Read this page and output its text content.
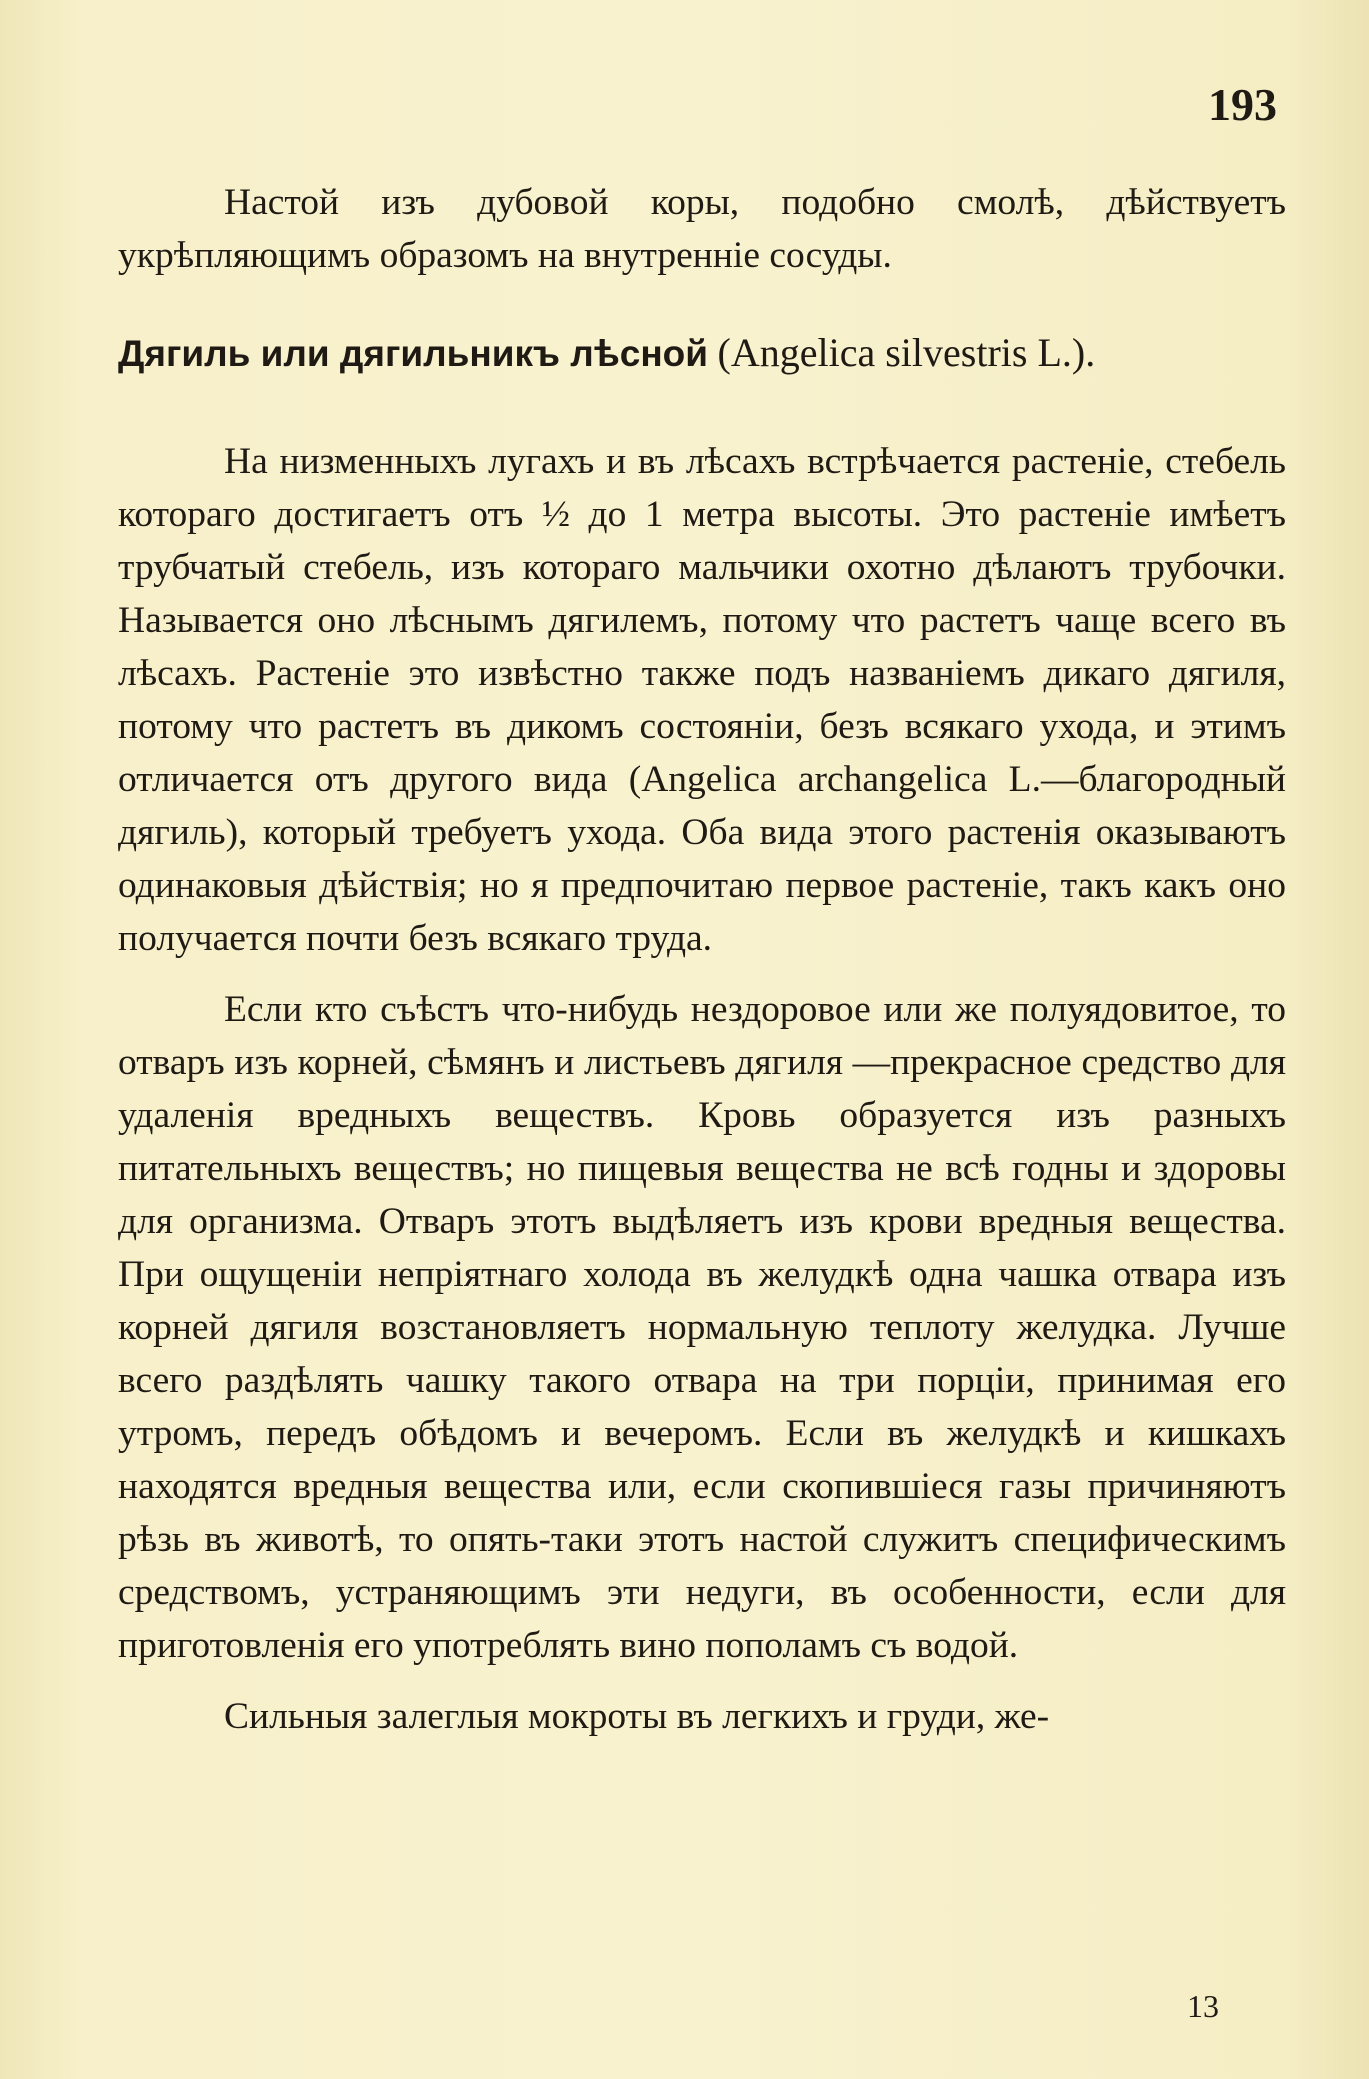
193

Настой изъ дубовой коры, подобно смолѣ, дѣйствуетъ укрѣпляющимъ образомъ на внутренніе сосуды.

Дягиль или дягильникъ лѣсной (Angelica silvestris L.).

На низменныхъ лугахъ и въ лѣсахъ встрѣчается растеніе, стебель котораго достигаетъ отъ ½ до 1 метра высоты. Это растеніе имѣетъ трубчатый стебель, изъ котораго мальчики охотно дѣлаютъ трубочки. Называется оно лѣснымъ дягилемъ, потому что растетъ чаще всего въ лѣсахъ. Растеніе это извѣстно также подъ названіемъ дикаго дягиля, потому что растетъ въ дикомъ состояніи, безъ всякаго ухода, и этимъ отличается отъ другого вида (Angelica archangelica L.—благородный дягиль), который требуетъ ухода. Оба вида этого растенія оказываютъ одинаковыя дѣйствія; но я предпочитаю первое растеніе, такъ какъ оно получается почти безъ всякаго труда.

Если кто съѣстъ что-нибудь нездоровое или же полуядовитое, то отваръ изъ корней, сѣмянъ и листьевъ дягиля —прекрасное средство для удаленія вредныхъ веществъ. Кровь образуется изъ разныхъ питательныхъ веществъ; но пищевыя вещества не всѣ годны и здоровы для организма. Отваръ этотъ выдѣляетъ изъ крови вредныя вещества. При ощущеніи непріятнаго холода въ желудкѣ одна чашка отвара изъ корней дягиля возстановляетъ нормальную теплоту желудка. Лучше всего раздѣлять чашку такого отвара на три порціи, принимая его утромъ, передъ обѣдомъ и вечеромъ. Если въ желудкѣ и кишкахъ находятся вредныя вещества или, если скопившіеся газы причиняютъ рѣзь въ животѣ, то опять-таки этотъ настой служитъ специфическимъ средствомъ, устраняющимъ эти недуги, въ особенности, если для приготовленія его употреблять вино пополамъ съ водой.

Сильныя залеглыя мокроты въ легкихъ и груди, же-

13
